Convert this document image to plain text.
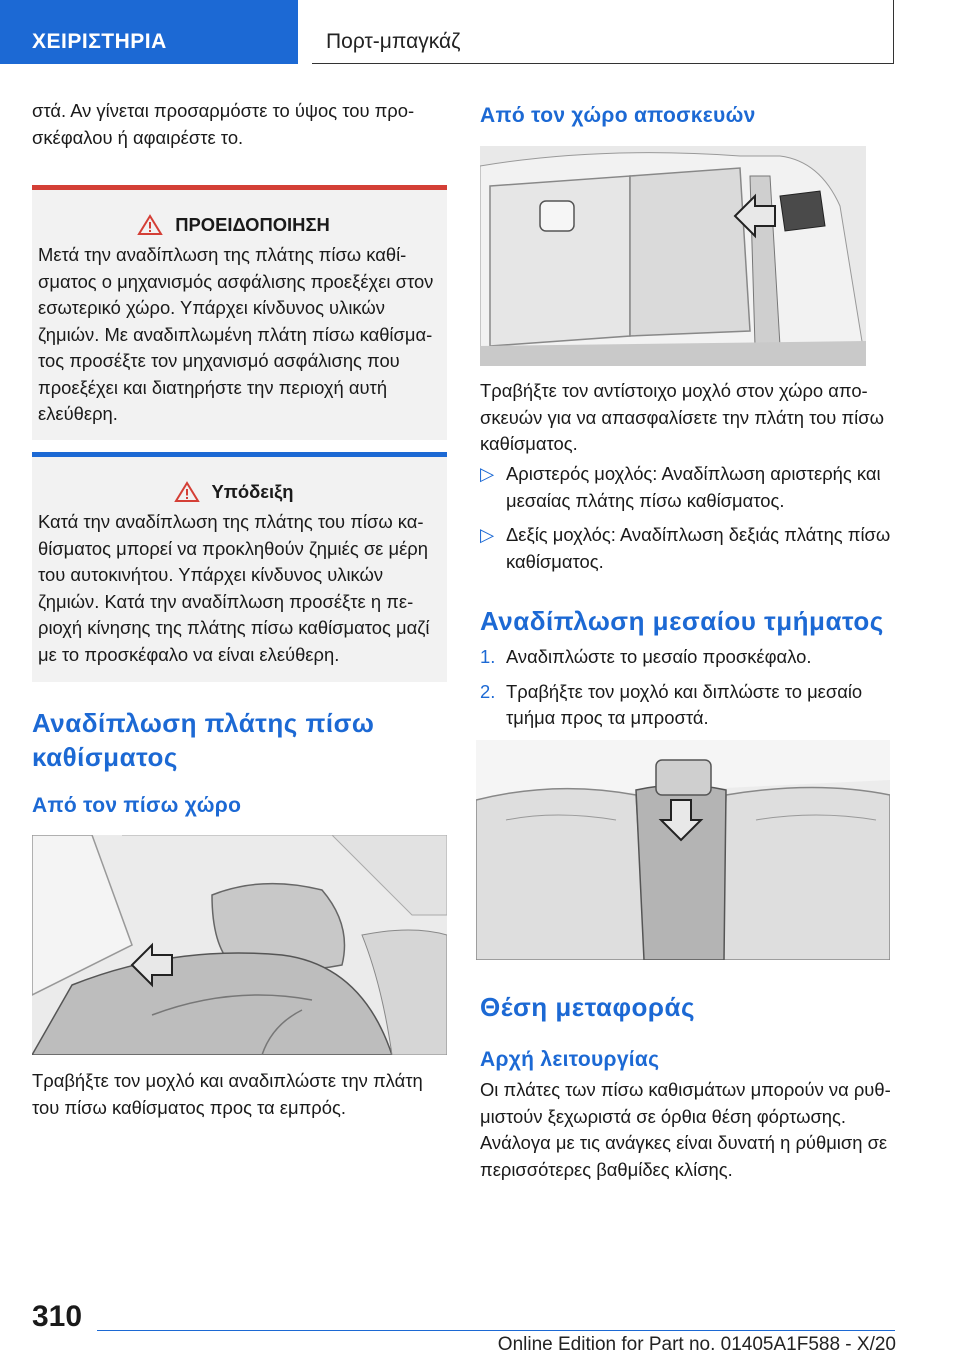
ΧΕΙΡΙΣΤΗΡΙΑ	Πορτ-μπαγκάζ

στά. Αν γίνεται προσαρμόστε το ύψος του προ-σκέφαλου ή αφαιρέστε το.

ΠΡΟΕΙΔΟΠΟΙΗΣΗ
Μετά την αναδίπλωση της πλάτης πίσω καθί-σματος ο μηχανισμός ασφάλισης προεξέχει στον εσωτερικό χώρο. Υπάρχει κίνδυνος υλικών ζημιών. Με αναδιπλωμένη πλάτη πίσω καθίσμα-τος προσέξτε τον μηχανισμό ασφάλισης που προεξέχει και διατηρήστε την περιοχή αυτή ελεύθερη.
Υπόδειξη
Κατά την αναδίπλωση της πλάτης του πίσω κα-θίσματος μπορεί να προκληθούν ζημιές σε μέρη του αυτοκινήτου. Υπάρχει κίνδυνος υλικών ζημιών. Κατά την αναδίπλωση προσέξτε η πε-ριοχή κίνησης της πλάτης πίσω καθίσματος μαζί με το προσκέφαλο να είναι ελεύθερη.
Αναδίπλωση πλάτης πίσω καθίσματος
Από τον πίσω χώρο

Τραβήξτε τον μοχλό και αναδιπλώστε την πλάτη του πίσω καθίσματος προς τα εμπρός.

Από τον χώρο αποσκευών

Τραβήξτε τον αντίστοιχο μοχλό στον χώρο απο-σκευών για να απασφαλίσετε την πλάτη του πίσω καθίσματος.

▷ Αριστερός μοχλός: Αναδίπλωση αριστερής και μεσαίας πλάτης πίσω καθίσματος.
▷ Δεξίς μοχλός: Αναδίπλωση δεξιάς πλάτης πίσω καθίσματος.
Αναδίπλωση μεσαίου τμήματος
1. Αναδιπλώστε το μεσαίο προσκέφαλο.
2. Τραβήξτε τον μοχλό και διπλώστε το μεσαίο τμήμα προς τα μπροστά.
Θέση μεταφοράς
Αρχή λειτουργίας

Οι πλάτες των πίσω καθισμάτων μπορούν να ρυθ-μιστούν ξεχωριστά σε όρθια θέση φόρτωσης. Ανάλογα με τις ανάγκες είναι δυνατή η ρύθμιση σε περισσότερες βαθμίδες κλίσης.

310
Online Edition for Part no. 01405A1F588 - X/20
